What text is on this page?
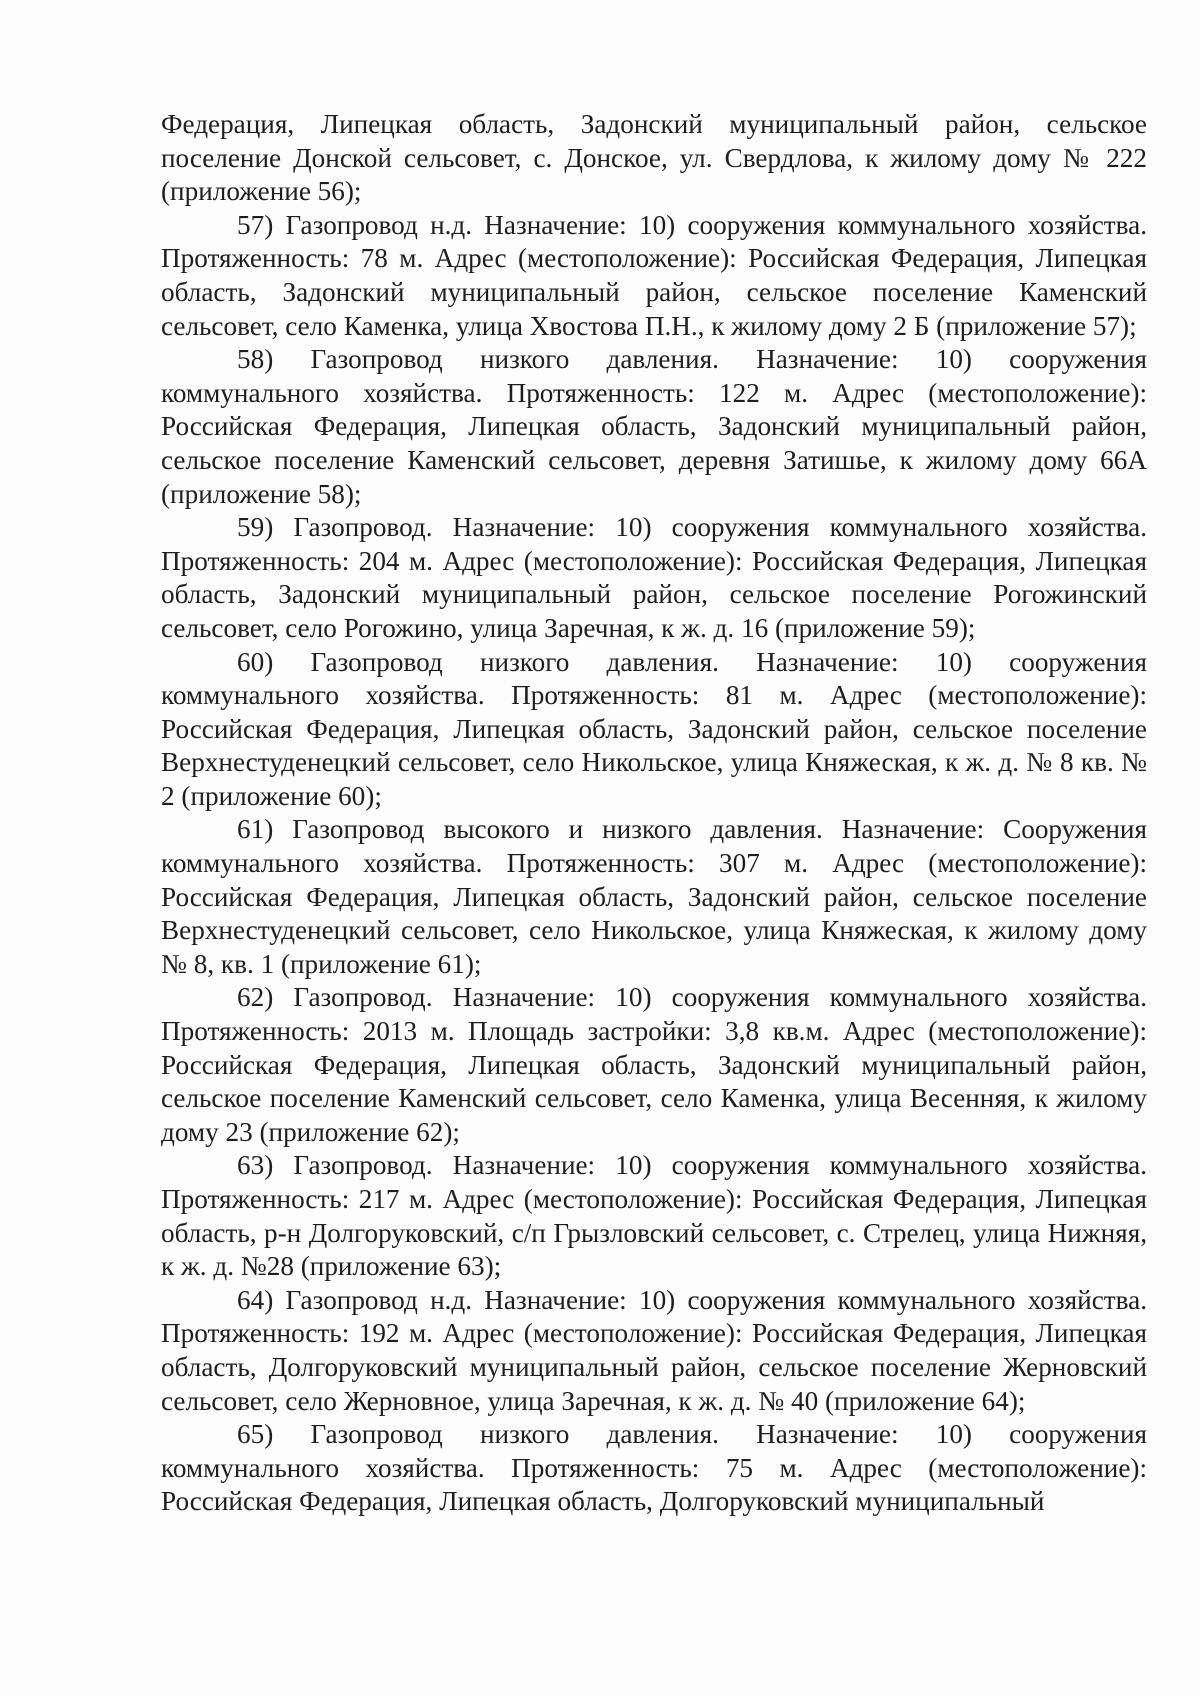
Федерация, Липецкая область, Задонский муниципальный район, сельское поселение Донской сельсовет, с. Донское, ул. Свердлова, к жилому дому № 222 (приложение 56);

57) Газопровод н.д. Назначение: 10) сооружения коммунального хозяйства. Протяженность: 78 м. Адрес (местоположение): Российская Федерация, Липецкая область, Задонский муниципальный район, сельское поселение Каменский сельсовет, село Каменка, улица Хвостова П.Н., к жилому дому 2 Б (приложение 57);

58) Газопровод низкого давления. Назначение: 10) сооружения коммунального хозяйства. Протяженность: 122 м. Адрес (местоположение): Российская Федерация, Липецкая область, Задонский муниципальный район, сельское поселение Каменский сельсовет, деревня Затишье, к жилому дому 66А (приложение 58);

59) Газопровод. Назначение: 10) сооружения коммунального хозяйства. Протяженность: 204 м. Адрес (местоположение): Российская Федерация, Липецкая область, Задонский муниципальный район, сельское поселение Рогожинский сельсовет, село Рогожино, улица Заречная, к ж. д. 16 (приложение 59);

60) Газопровод низкого давления. Назначение: 10) сооружения коммунального хозяйства. Протяженность: 81 м. Адрес (местоположение): Российская Федерация, Липецкая область, Задонский район, сельское поселение Верхнестуденецкий сельсовет, село Никольское, улица Княжеская, к ж. д. № 8 кв. № 2 (приложение 60);

61) Газопровод высокого и низкого давления. Назначение: Сооружения коммунального хозяйства. Протяженность: 307 м. Адрес (местоположение): Российская Федерация, Липецкая область, Задонский район, сельское поселение Верхнестуденецкий сельсовет, село Никольское, улица Княжеская, к жилому дому № 8, кв. 1 (приложение 61);

62) Газопровод. Назначение: 10) сооружения коммунального хозяйства. Протяженность: 2013 м. Площадь застройки: 3,8 кв.м. Адрес (местоположение): Российская Федерация, Липецкая область, Задонский муниципальный район, сельское поселение Каменский сельсовет, село Каменка, улица Весенняя, к жилому дому 23 (приложение 62);

63) Газопровод. Назначение: 10) сооружения коммунального хозяйства. Протяженность: 217 м. Адрес (местоположение): Российская Федерация, Липецкая область, р-н Долгоруковский, с/п Грызловский сельсовет, с. Стрелец, улица Нижняя, к ж. д. №28 (приложение 63);

64) Газопровод н.д. Назначение: 10) сооружения коммунального хозяйства. Протяженность: 192 м. Адрес (местоположение): Российская Федерация, Липецкая область, Долгоруковский муниципальный район, сельское поселение Жерновский сельсовет, село Жерновное, улица Заречная, к ж. д. № 40 (приложение 64);

65) Газопровод низкого давления. Назначение: 10) сооружения коммунального хозяйства. Протяженность: 75 м. Адрес (местоположение): Российская Федерация, Липецкая область, Долгоруковский муниципальный
